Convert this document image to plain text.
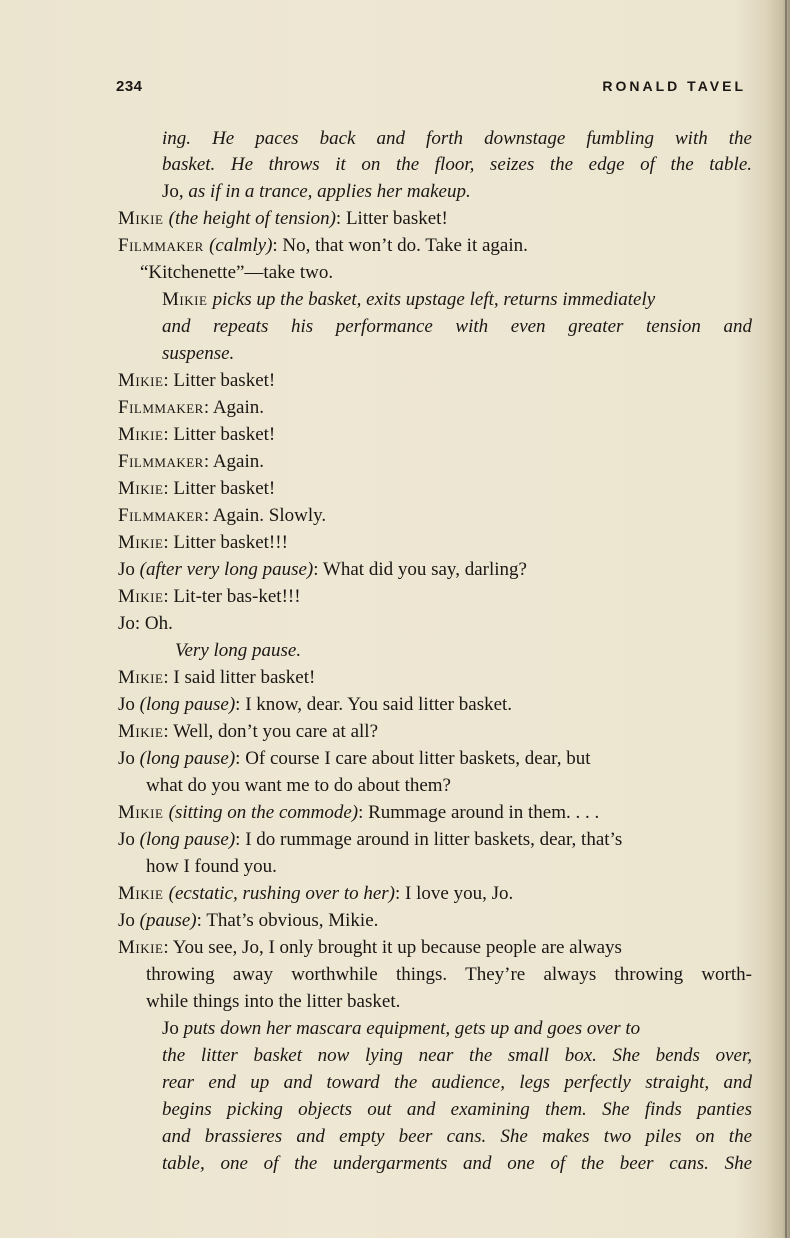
234	RONALD TAVEL
ing. He paces back and forth downstage fumbling with the
basket. He throws it on the floor, seizes the edge of the table.
Jo, as if in a trance, applies her makeup.
Mikie (the height of tension): Litter basket!
Filmmaker (calmly): No, that won’t do. Take it again.
“Kitchenette”—take two.
Mikie picks up the basket, exits upstage left, returns immediately
and repeats his performance with even greater tension and
suspense.
Mikie: Litter basket!
Filmmaker: Again.
Mikie: Litter basket!
Filmmaker: Again.
Mikie: Litter basket!
Filmmaker: Again. Slowly.
Mikie: Litter basket!!!
Jo (after very long pause): What did you say, darling?
Mikie: Lit-ter bas-ket!!!
Jo: Oh.
Very long pause.
Mikie: I said litter basket!
Jo (long pause): I know, dear. You said litter basket.
Mikie: Well, don’t you care at all?
Jo (long pause): Of course I care about litter baskets, dear, but
what do you want me to do about them?
Mikie (sitting on the commode): Rummage around in them. . . .
Jo (long pause): I do rummage around in litter baskets, dear, that’s
how I found you.
Mikie (ecstatic, rushing over to her): I love you, Jo.
Jo (pause): That’s obvious, Mikie.
Mikie: You see, Jo, I only brought it up because people are always
throwing away worthwhile things. They’re always throwing worth-
while things into the litter basket.
Jo puts down her mascara equipment, gets up and goes over to
the litter basket now lying near the small box. She bends over,
rear end up and toward the audience, legs perfectly straight, and
begins picking objects out and examining them. She finds panties
and brassieres and empty beer cans. She makes two piles on the
table, one of the undergarments and one of the beer cans. She
